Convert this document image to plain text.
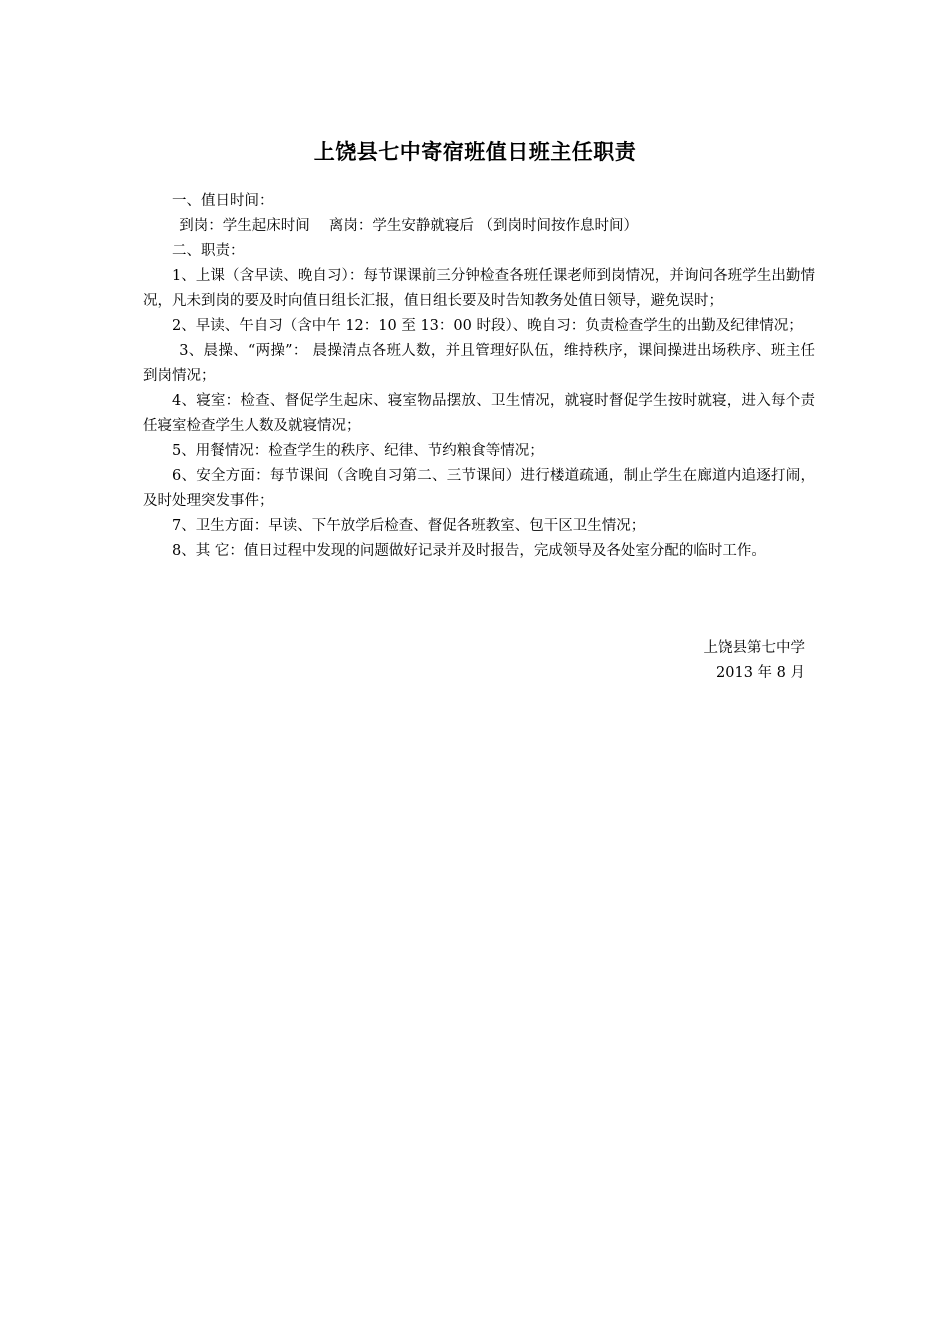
上饶县七中寄宿班值日班主任职责

一、值日时间：

到岗：学生起床时间　 离岗：学生安静就寝后 （到岗时间按作息时间）

二、职责：

1、上课（含早读、晚自习）：每节课课前三分钟检查各班任课老师到岗情况，并询问各班学生出勤情况，凡未到岗的要及时向值日组长汇报，值日组长要及时告知教务处值日领导，避免误时；

2、早读、午自习（含中午 12：10 至 13：00 时段）、晚自习：负责检查学生的出勤及纪律情况；

3、晨操、“两操”： 晨操清点各班人数，并且管理好队伍，维持秩序，课间操进出场秩序、班主任到岗情况；

4、寝室：检查、督促学生起床、寝室物品摆放、卫生情况，就寝时督促学生按时就寝，进入每个责任寝室检查学生人数及就寝情况；

5、用餐情况：检查学生的秩序、纪律、节约粮食等情况；

6、安全方面：每节课间（含晚自习第二、三节课间）进行楼道疏通，制止学生在廊道内追逐打闹，及时处理突发事件；

7、卫生方面：早读、下午放学后检查、督促各班教室、包干区卫生情况；

8、其 它：值日过程中发现的问题做好记录并及时报告，完成领导及各处室分配的临时工作。

上饶县第七中学
2013 年 8 月
